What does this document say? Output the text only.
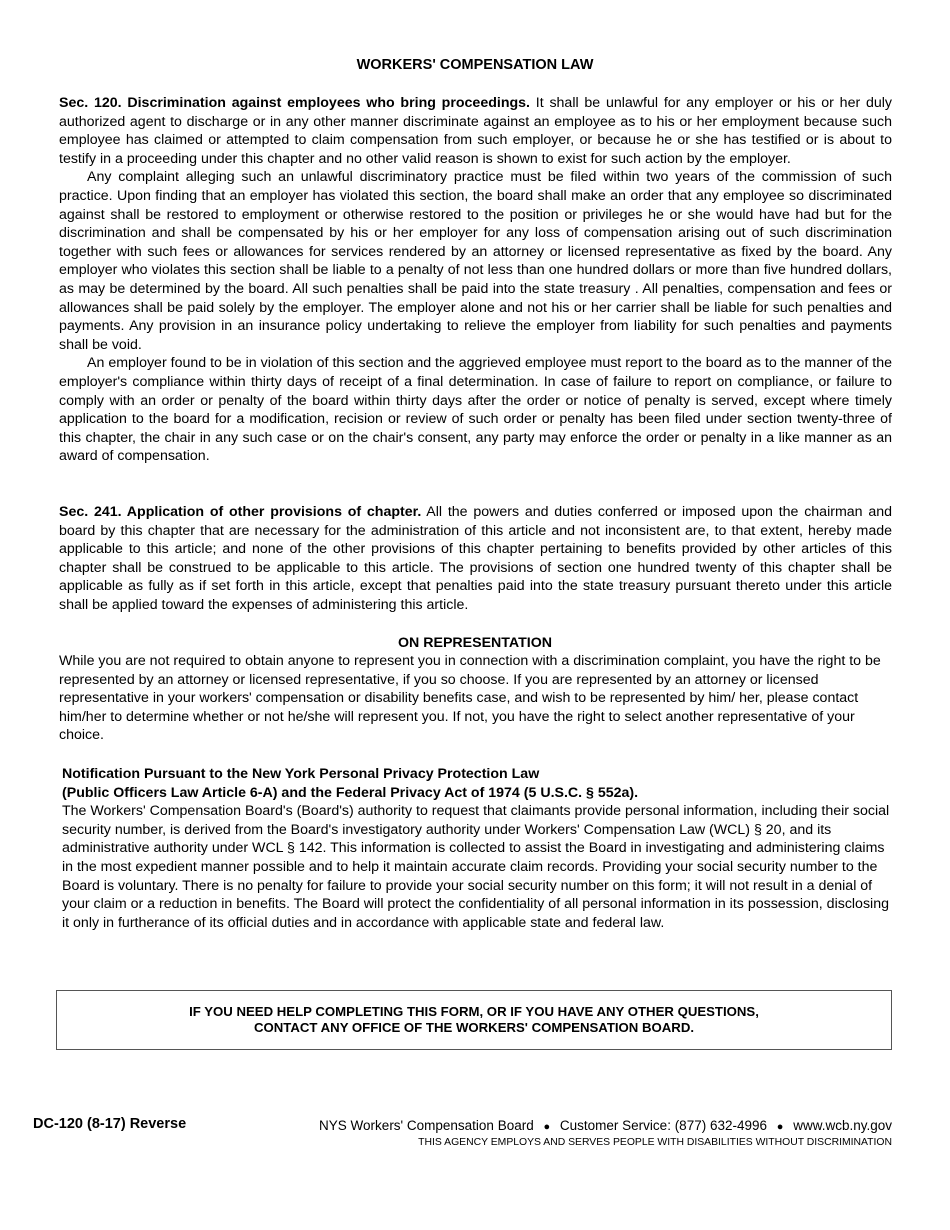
WORKERS' COMPENSATION LAW

Sec. 120. Discrimination against employees who bring proceedings. It shall be unlawful for any employer or his or her duly authorized agent to discharge or in any other manner discriminate against an employee as to his or her employment because such employee has claimed or attempted to claim compensation from such employer, or because he or she has testified or is about to testify in a proceeding under this chapter and no other valid reason is shown to exist for such action by the employer.

Any complaint alleging such an unlawful discriminatory practice must be filed within two years of the commission of such practice. Upon finding that an employer has violated this section, the board shall make an order that any employee so discriminated against shall be restored to employment or otherwise restored to the position or privileges he or she would have had but for the discrimination and shall be compensated by his or her employer for any loss of compensation arising out of such discrimination together with such fees or allowances for services rendered by an attorney or licensed representative as fixed by the board. Any employer who violates this section shall be liable to a penalty of not less than one hundred dollars or more than five hundred dollars, as may be determined by the board. All such penalties shall be paid into the state treasury . All penalties, compensation and fees or allowances shall be paid solely by the employer. The employer alone and not his or her carrier shall be liable for such penalties and payments. Any provision in an insurance policy undertaking to relieve the employer from liability for such penalties and payments shall be void.

An employer found to be in violation of this section and the aggrieved employee must report to the board as to the manner of the employer's compliance within thirty days of receipt of a final determination. In case of failure to report on compliance, or failure to comply with an order or penalty of the board within thirty days after the order or notice of penalty is served, except where timely application to the board for a modification, recision or review of such order or penalty has been filed under section twenty-three of this chapter, the chair in any such case or on the chair's consent, any party may enforce the order or penalty in a like manner as an award of compensation.

Sec. 241. Application of other provisions of chapter. All the powers and duties conferred or imposed upon the chairman and board by this chapter that are necessary for the administration of this article and not inconsistent are, to that extent, hereby made applicable to this article; and none of the other provisions of this chapter pertaining to benefits provided by other articles of this chapter shall be construed to be applicable to this article. The provisions of section one hundred twenty of this chapter shall be applicable as fully as if set forth in this article, except that penalties paid into the state treasury pursuant thereto under this article shall be applied toward the expenses of administering this article.

ON REPRESENTATION

While you are not required to obtain anyone to represent you in connection with a discrimination complaint, you have the right to be represented by an attorney or licensed representative, if you so choose. If you are represented by an attorney or licensed representative in your workers' compensation or disability benefits case, and wish to be represented by him/ her, please contact him/her to determine whether or not he/she will represent you. If not, you have the right to select another representative of your choice.

Notification Pursuant to the New York Personal Privacy Protection Law

(Public Officers Law Article 6-A) and the Federal Privacy Act of 1974 (5 U.S.C. § 552a).

The Workers' Compensation Board's (Board's) authority to request that claimants provide personal information, including their social security number, is derived from the Board's investigatory authority under Workers' Compensation Law (WCL) § 20, and its administrative authority under WCL § 142. This information is collected to assist the Board in investigating and administering claims in the most expedient manner possible and to help it maintain accurate claim records. Providing your social security number to the Board is voluntary. There is no penalty for failure to provide your social security number on this form; it will not result in a denial of your claim or a reduction in benefits. The Board will protect the confidentiality of all personal information in its possession, disclosing it only in furtherance of its official duties and in accordance with applicable state and federal law.

IF YOU NEED HELP COMPLETING THIS FORM, OR IF YOU HAVE ANY OTHER QUESTIONS,
CONTACT ANY OFFICE OF THE WORKERS' COMPENSATION BOARD.
DC-120 (8-17) Reverse	NYS Workers' Compensation Board ● Customer Service: (877) 632-4996 ● www.wcb.ny.gov
THIS AGENCY EMPLOYS AND SERVES PEOPLE WITH DISABILITIES WITHOUT DISCRIMINATION
